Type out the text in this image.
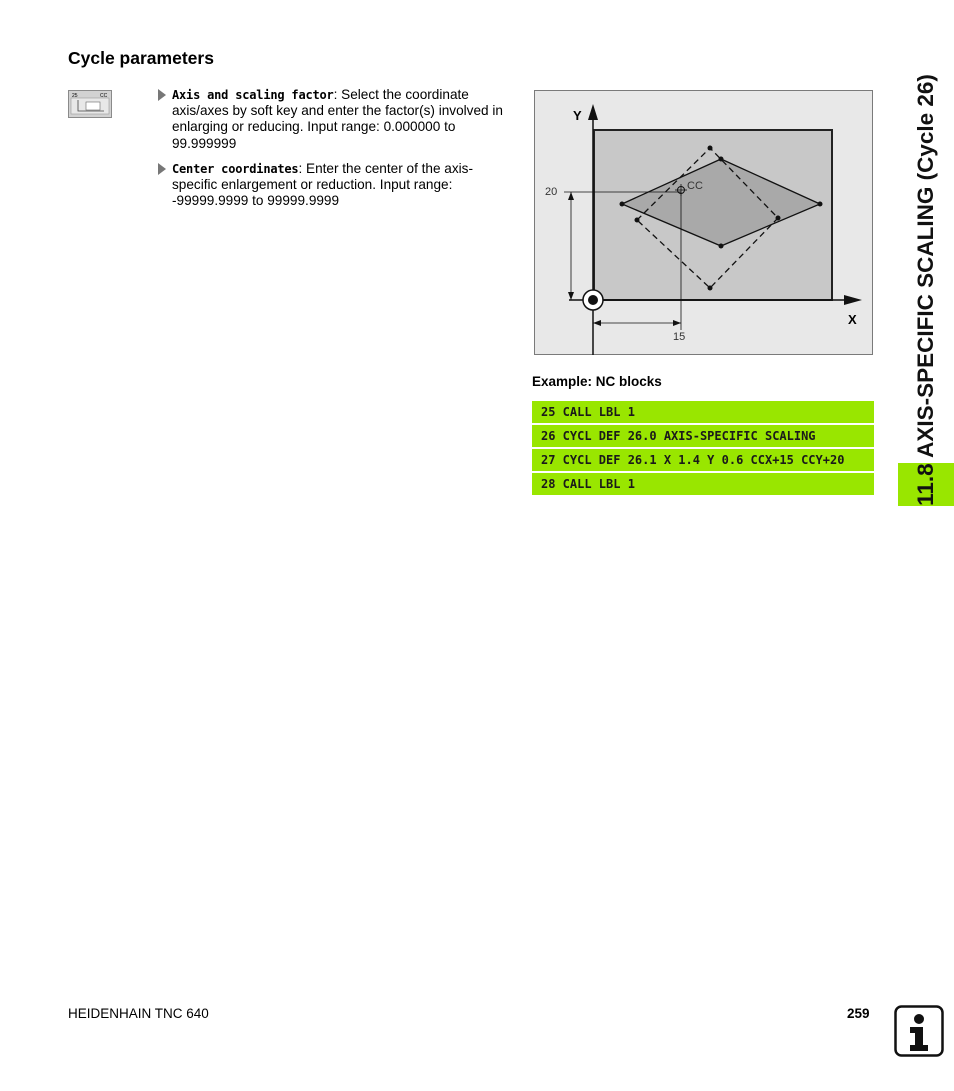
Cycle parameters
25	CC	Axis and scaling factor: Select the coordinate axis/axes by soft key and enter the factor(s) involved in enlarging or reducing. Input range: 0.000000 to 99.999999
Center coordinates: Enter the center of the axis-specific enlargement or reduction. Input range: -99999.9999 to 99999.9999
Y
X
20
15
CC
Example: NC blocks
25 CALL LBL 1
26 CYCL DEF 26.0 AXIS-SPECIFIC SCALING
27 CYCL DEF 26.1 X 1.4 Y 0.6 CCX+15 CCY+20
28 CALL LBL 1	11.8 AXIS-SPECIFIC SCALING (Cycle 26)
HEIDENHAIN TNC 640	259
